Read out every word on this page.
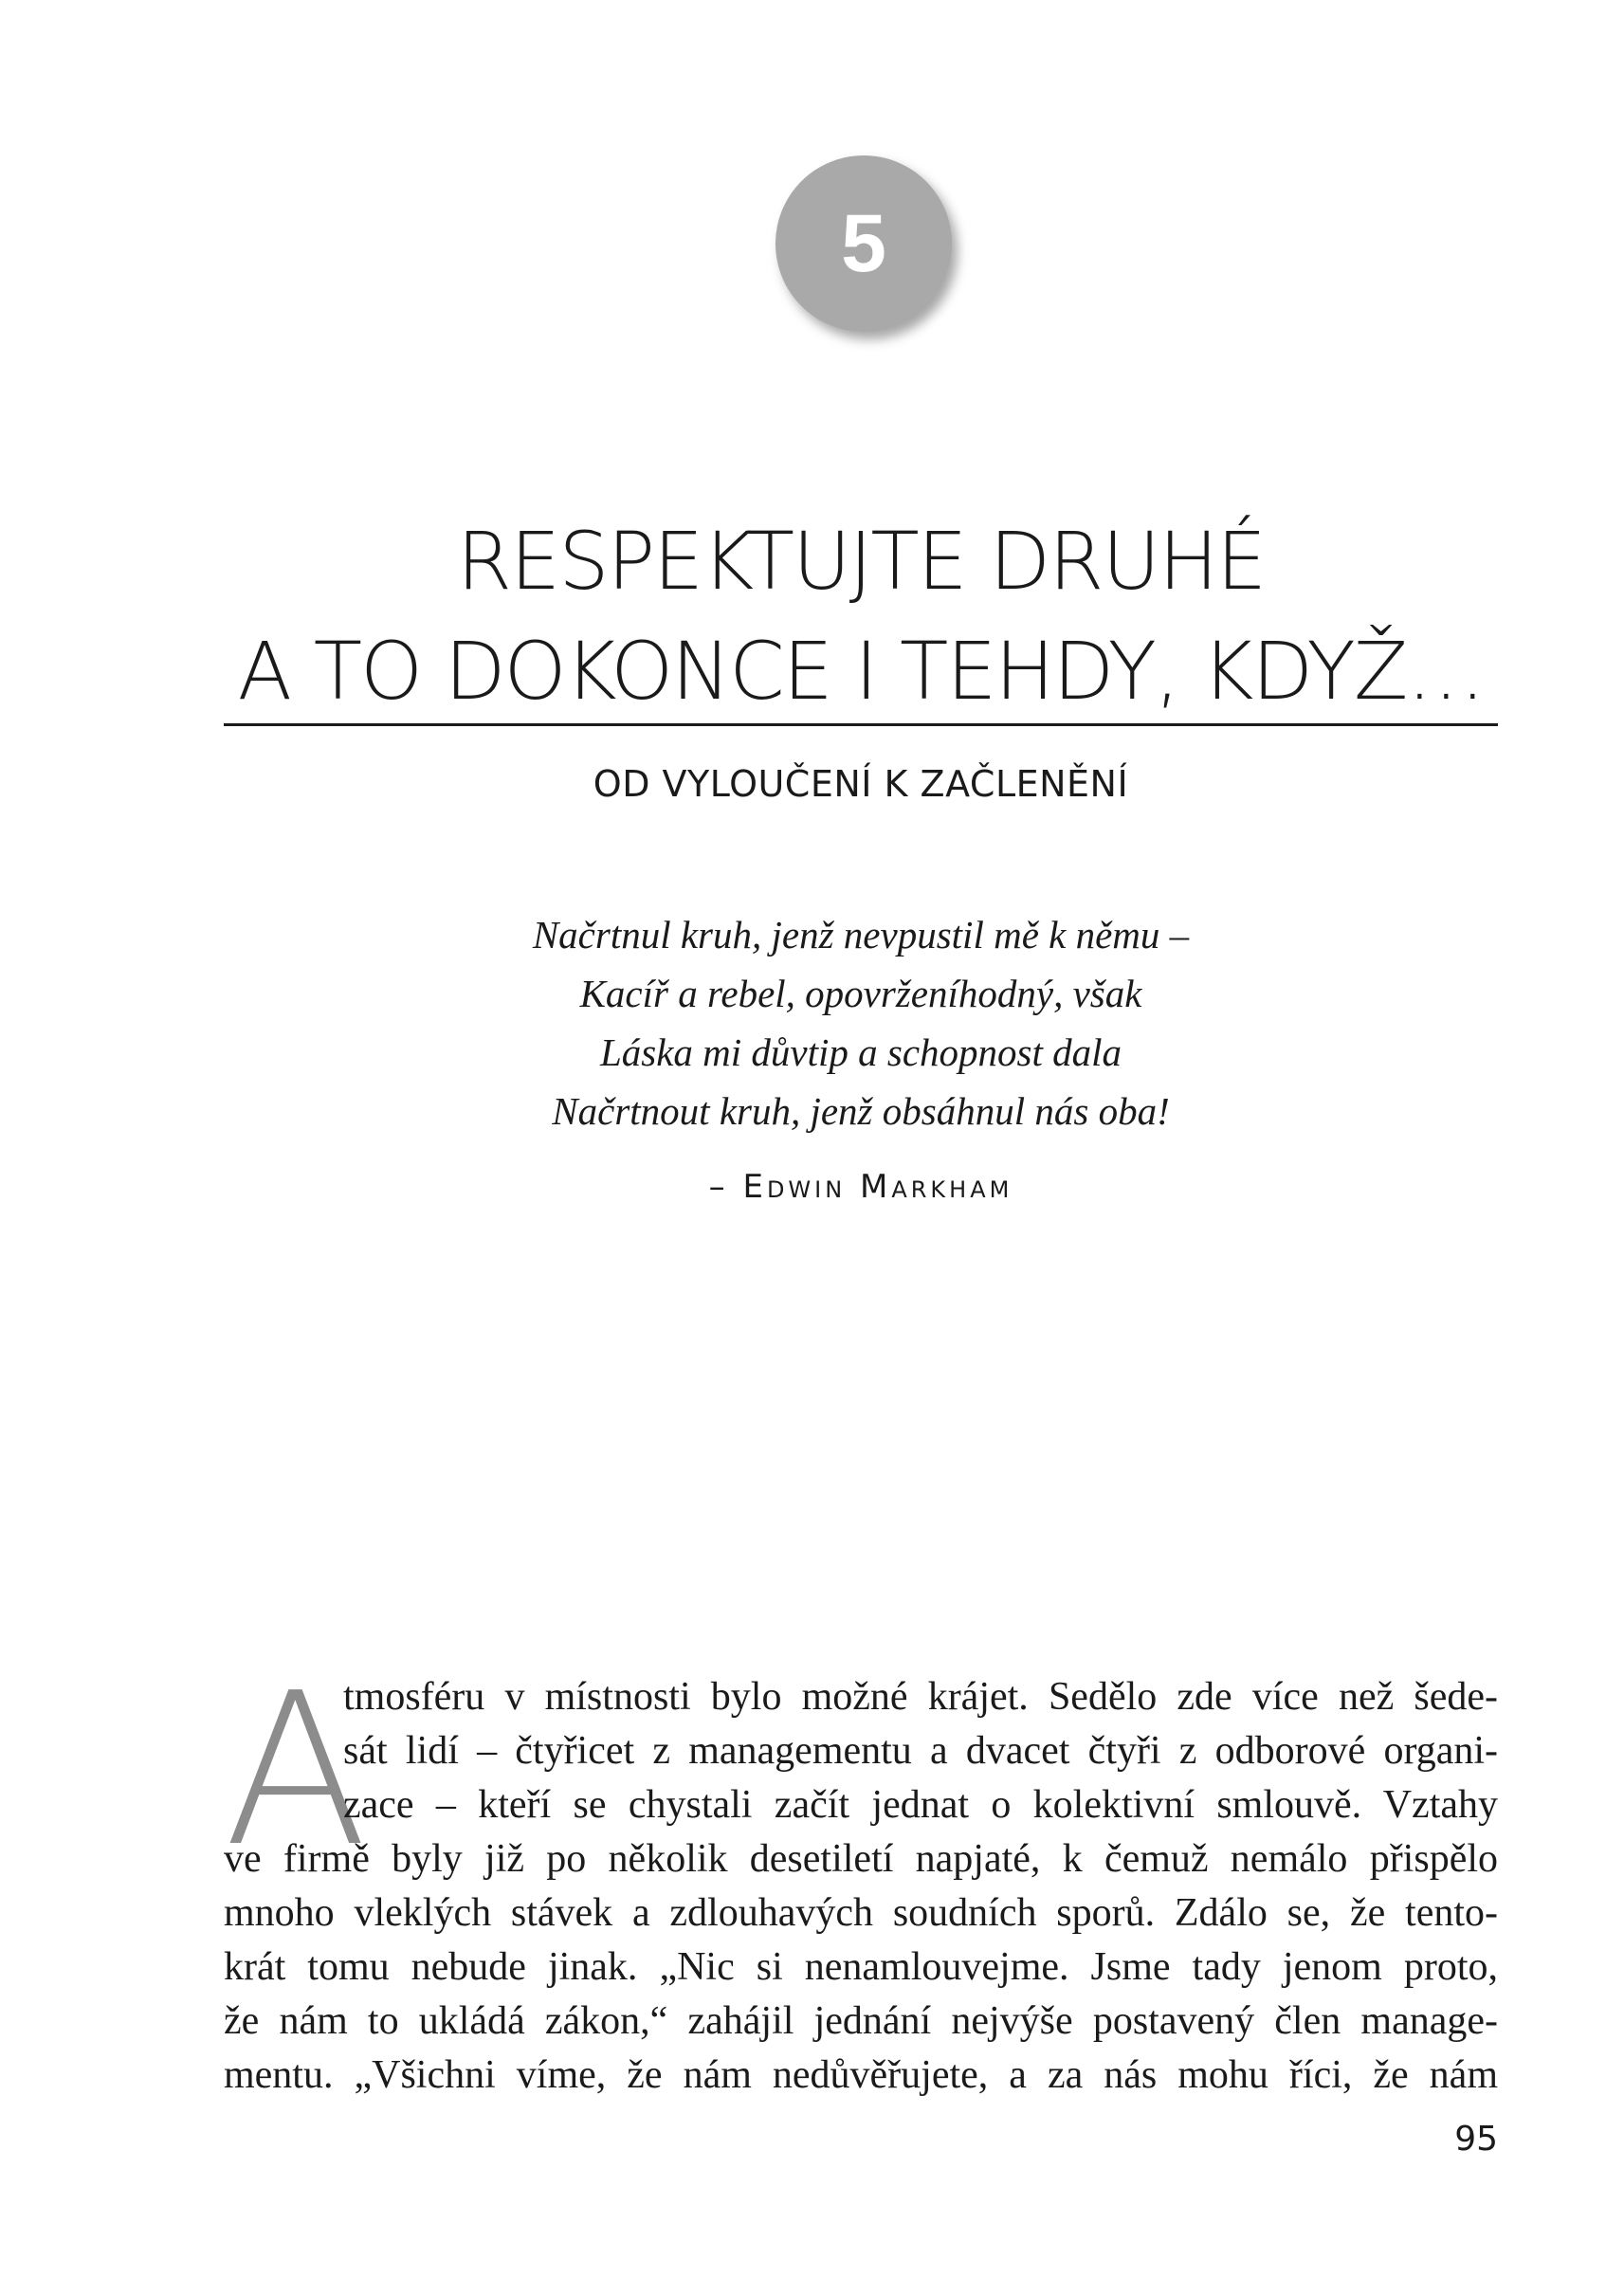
5
RESPEKTUJTE DRUHÉ
A TO DOKONCE I TEHDY, KDYŽ…
OD VYLOUČENÍ K ZAČLENĚNÍ
Načrtnul kruh, jenž nevpustil mě k němu –
Kacíř a rebel, opovrženíhodný, však
Láska mi důvtip a schopnost dala
Načrtnout kruh, jenž obsáhnul nás oba!
– Edwin Markham
A
tmosféru v místnosti bylo možné krájet. Sedělo zde více než šede-
sát lidí – čtyřicet z managementu a dvacet čtyři z odborové organi-
zace – kteří se chystali začít jednat o kolektivní smlouvě. Vztahy
ve firmě byly již po několik desetiletí napjaté, k čemuž nemálo přispělo
mnoho vleklých stávek a zdlouhavých soudních sporů. Zdálo se, že tento-
krát tomu nebude jinak. „Nic si nenamlouvejme. Jsme tady jenom proto,
že nám to ukládá zákon,“ zahájil jednání nejvýše postavený člen manage-
mentu. „Všichni víme, že nám nedůvěřujete, a za nás mohu říci, že nám
95
